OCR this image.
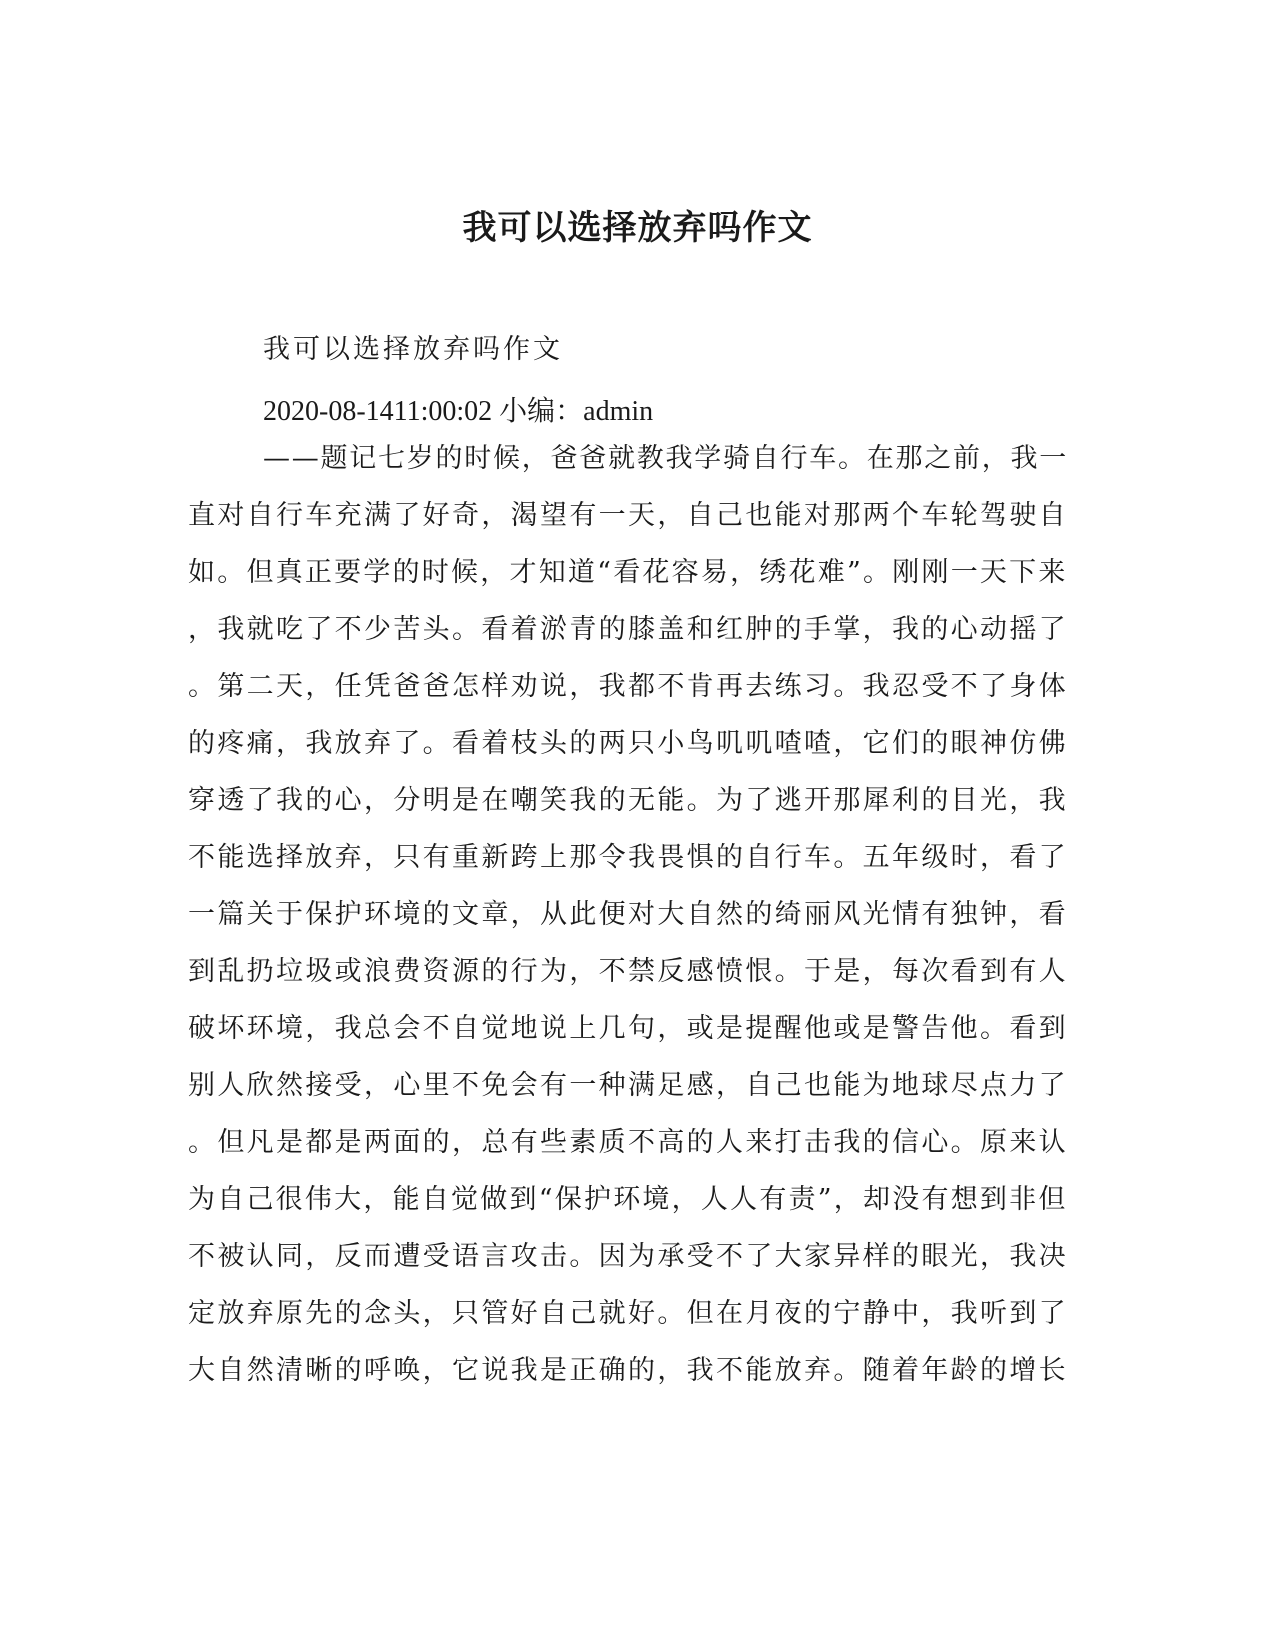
我可以选择放弃吗作文
我可以选择放弃吗作文
2020-08-1411:00:02 小编：admin
——题记七岁的时候，爸爸就教我学骑自行车。在那之前，我一
直对自行车充满了好奇，渴望有一天，自己也能对那两个车轮驾驶自
如。但真正要学的时候，才知道“看花容易，绣花难”。刚刚一天下来
，我就吃了不少苦头。看着淤青的膝盖和红肿的手掌，我的心动摇了
。第二天，任凭爸爸怎样劝说，我都不肯再去练习。我忍受不了身体
的疼痛，我放弃了。看着枝头的两只小鸟叽叽喳喳，它们的眼神仿佛
穿透了我的心，分明是在嘲笑我的无能。为了逃开那犀利的目光，我
不能选择放弃，只有重新跨上那令我畏惧的自行车。五年级时，看了
一篇关于保护环境的文章，从此便对大自然的绮丽风光情有独钟，看
到乱扔垃圾或浪费资源的行为，不禁反感愤恨。于是，每次看到有人
破坏环境，我总会不自觉地说上几句，或是提醒他或是警告他。看到
别人欣然接受，心里不免会有一种满足感，自己也能为地球尽点力了
。但凡是都是两面的，总有些素质不高的人来打击我的信心。原来认
为自己很伟大，能自觉做到“保护环境，人人有责”，却没有想到非但
不被认同，反而遭受语言攻击。因为承受不了大家异样的眼光，我决
定放弃原先的念头，只管好自己就好。但在月夜的宁静中，我听到了
大自然清晰的呼唤，它说我是正确的，我不能放弃。随着年龄的增长
